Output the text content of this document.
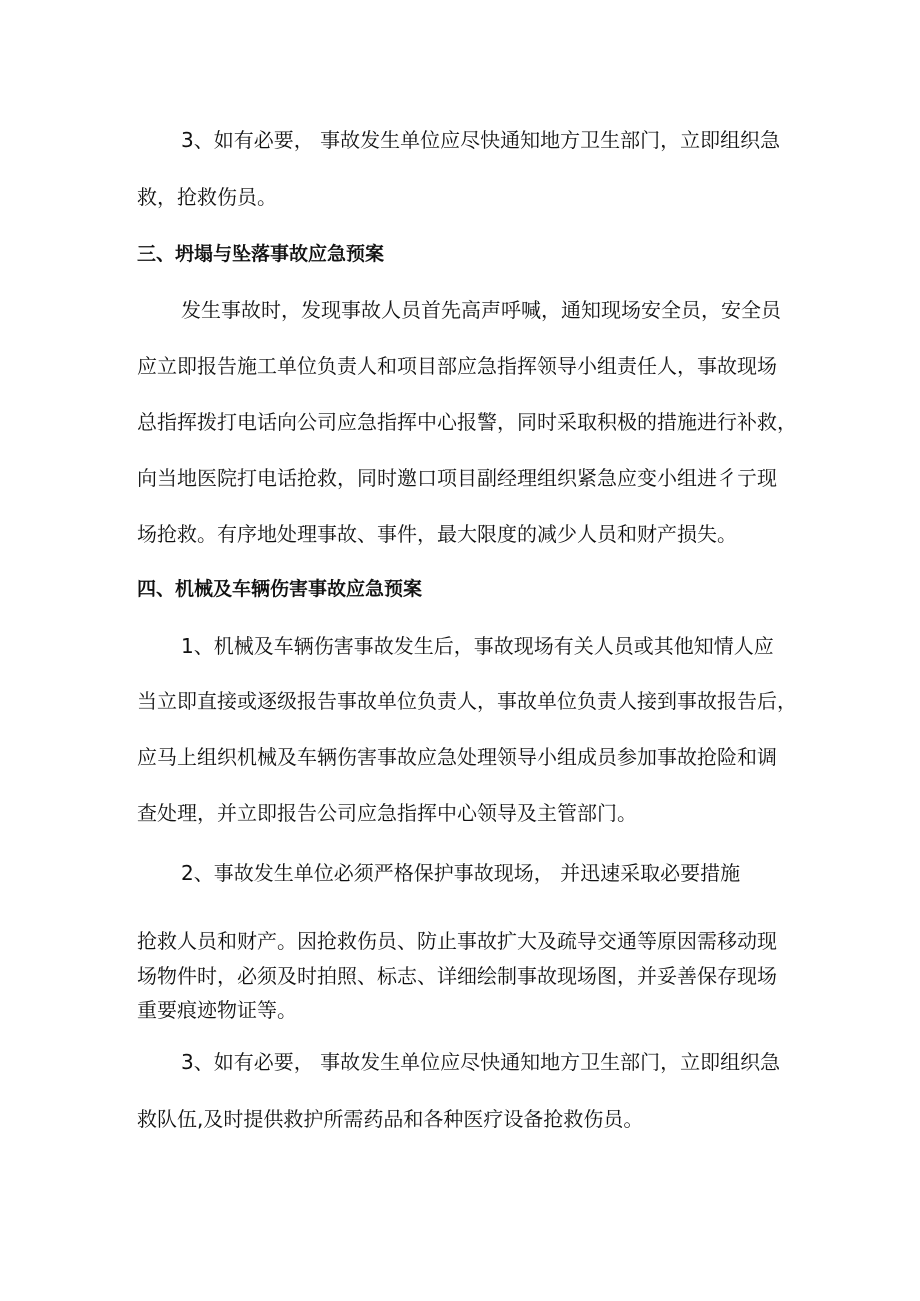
3、如有必要， 事故发生单位应尽快通知地方卫生部门，立即组织急
救，抢救伤员。
三、坍塌与坠落事故应急预案
发生事故时，发现事故人员首先高声呼喊，通知现场安全员，安全员
应立即报告施工单位负责人和项目部应急指挥领导小组责任人，事故现场
总指挥拨打电话向公司应急指挥中心报警，同时采取积极的措施进行补救，
向当地医院打电话抢救，同时邀口项目副经理组织紧急应变小组进彳亍现
场抢救。有序地处理事故、事件，最大限度的减少人员和财产损失。
四、机械及车辆伤害事故应急预案
1、机械及车辆伤害事故发生后，事故现场有关人员或其他知情人应
当立即直接或逐级报告事故单位负责人，事故单位负责人接到事故报告后，
应马上组织机械及车辆伤害事故应急处理领导小组成员参加事故抢险和调
查处理，并立即报告公司应急指挥中心领导及主管部门。
2、事故发生单位必须严格保护事故现场， 并迅速采取必要措施
抢救人员和财产。因抢救伤员、防止事故扩大及疏导交通等原因需移动现
场物件时，必须及时拍照、标志、详细绘制事故现场图，并妥善保存现场
重要痕迹物证等。
3、如有必要， 事故发生单位应尽快通知地方卫生部门，立即组织急
救队伍,及时提供救护所需药品和各种医疗设备抢救伤员。
